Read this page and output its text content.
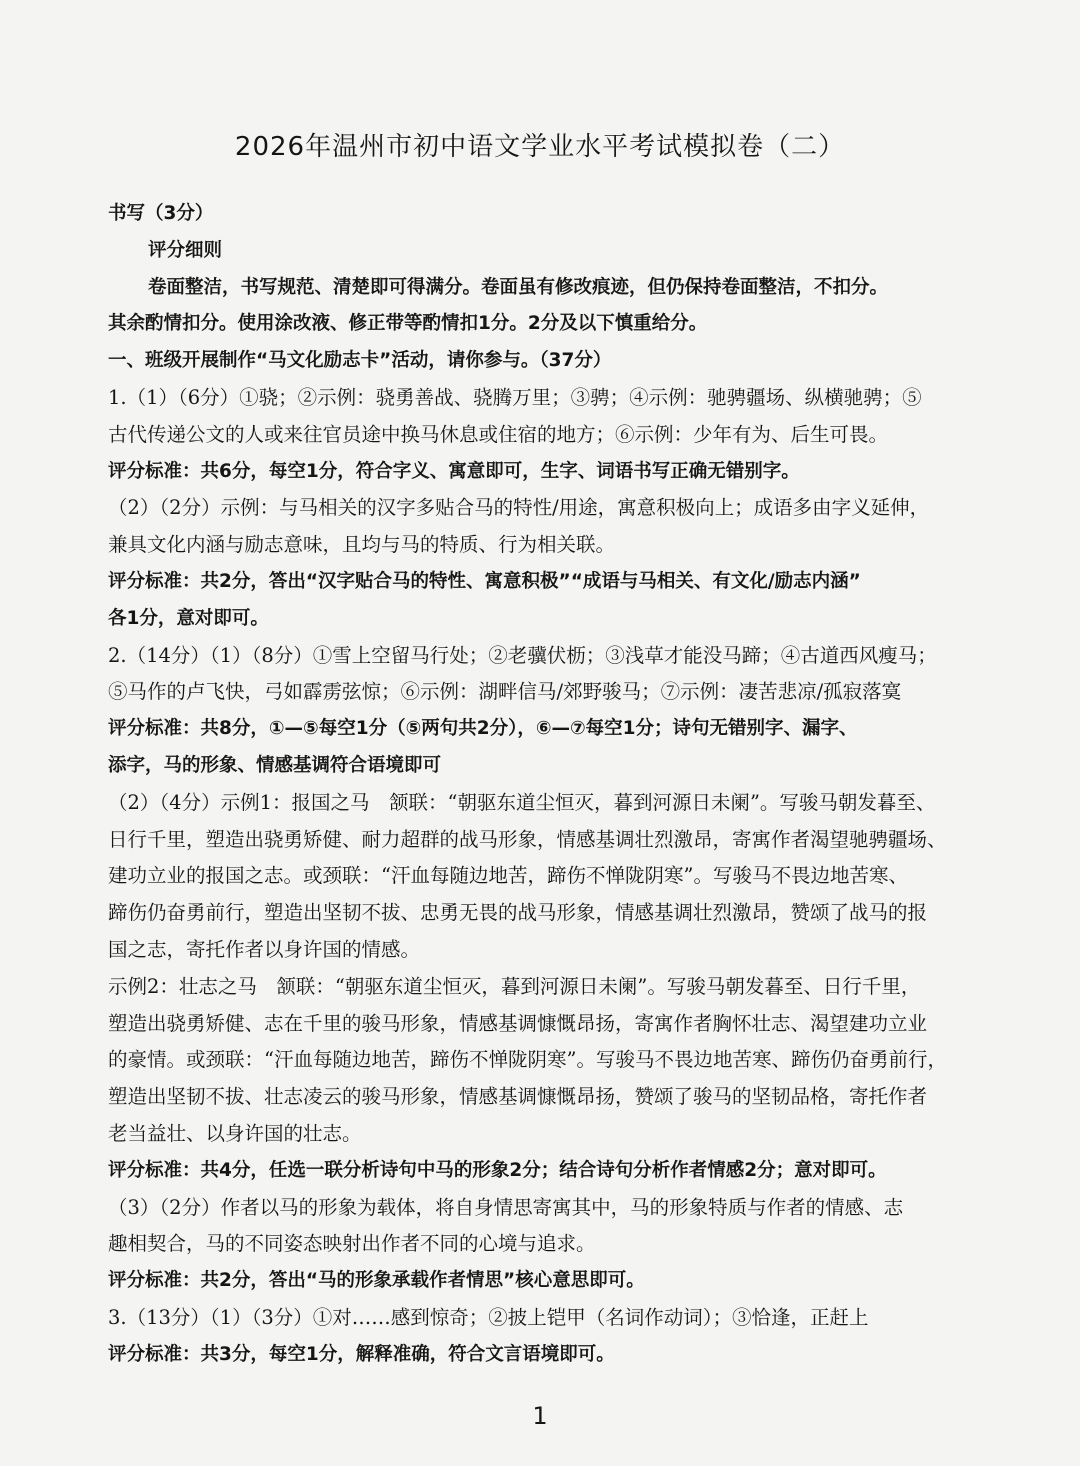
2026年温州市初中语文学业水平考试模拟卷（二）

书写（3分）

评分细则

卷面整洁，书写规范、清楚即可得满分。卷面虽有修改痕迹，但仍保持卷面整洁，不扣分。

其余酌情扣分。使用涂改液、修正带等酌情扣1分。2分及以下慎重给分。

一、班级开展制作“马文化励志卡”活动，请你参与。（37分）

1.（1）（6分）①骁；②示例：骁勇善战、骁腾万里；③骋；④示例：驰骋疆场、纵横驰骋；⑤

古代传递公文的人或来往官员途中换马休息或住宿的地方；⑥示例：少年有为、后生可畏。

评分标准：共6分，每空1分，符合字义、寓意即可，生字、词语书写正确无错别字。

（2）（2分）示例：与马相关的汉字多贴合马的特性/用途，寓意积极向上；成语多由字义延伸，

兼具文化内涵与励志意味，且均与马的特质、行为相关联。

评分标准：共2分，答出“汉字贴合马的特性、寓意积极”“成语与马相关、有文化/励志内涵”

各1分，意对即可。

2.（14分）（1）（8分）①雪上空留马行处；②老骥伏枥；③浅草才能没马蹄；④古道西风瘦马；

⑤马作的卢飞快，弓如霹雳弦惊；⑥示例：湖畔信马/郊野骏马；⑦示例：凄苦悲凉/孤寂落寞

评分标准：共8分，①—⑤每空1分（⑤两句共2分），⑥—⑦每空1分；诗句无错别字、漏字、

添字，马的形象、情感基调符合语境即可

（2）（4分）示例1：报国之马　颔联：“朝驱东道尘恒灭，暮到河源日未阑”。写骏马朝发暮至、

日行千里，塑造出骁勇矫健、耐力超群的战马形象，情感基调壮烈激昂，寄寓作者渴望驰骋疆场、

建功立业的报国之志。或颈联：“汗血每随边地苦，蹄伤不惮陇阴寒”。写骏马不畏边地苦寒、

蹄伤仍奋勇前行，塑造出坚韧不拔、忠勇无畏的战马形象，情感基调壮烈激昂，赞颂了战马的报

国之志，寄托作者以身许国的情感。

示例2：壮志之马　颔联：“朝驱东道尘恒灭，暮到河源日未阑”。写骏马朝发暮至、日行千里，

塑造出骁勇矫健、志在千里的骏马形象，情感基调慷慨昂扬，寄寓作者胸怀壮志、渴望建功立业

的豪情。或颈联：“汗血每随边地苦，蹄伤不惮陇阴寒”。写骏马不畏边地苦寒、蹄伤仍奋勇前行，

塑造出坚韧不拔、壮志凌云的骏马形象，情感基调慷慨昂扬，赞颂了骏马的坚韧品格，寄托作者

老当益壮、以身许国的壮志。

评分标准：共4分，任选一联分析诗句中马的形象2分；结合诗句分析作者情感2分；意对即可。

（3）（2分）作者以马的形象为载体，将自身情思寄寓其中，马的形象特质与作者的情感、志

趣相契合，马的不同姿态映射出作者不同的心境与追求。

评分标准：共2分，答出“马的形象承载作者情思”核心意思即可。

3.（13分）（1）（3分）①对……感到惊奇；②披上铠甲（名词作动词）；③恰逢，正赶上

评分标准：共3分，每空1分，解释准确，符合文言语境即可。

1
